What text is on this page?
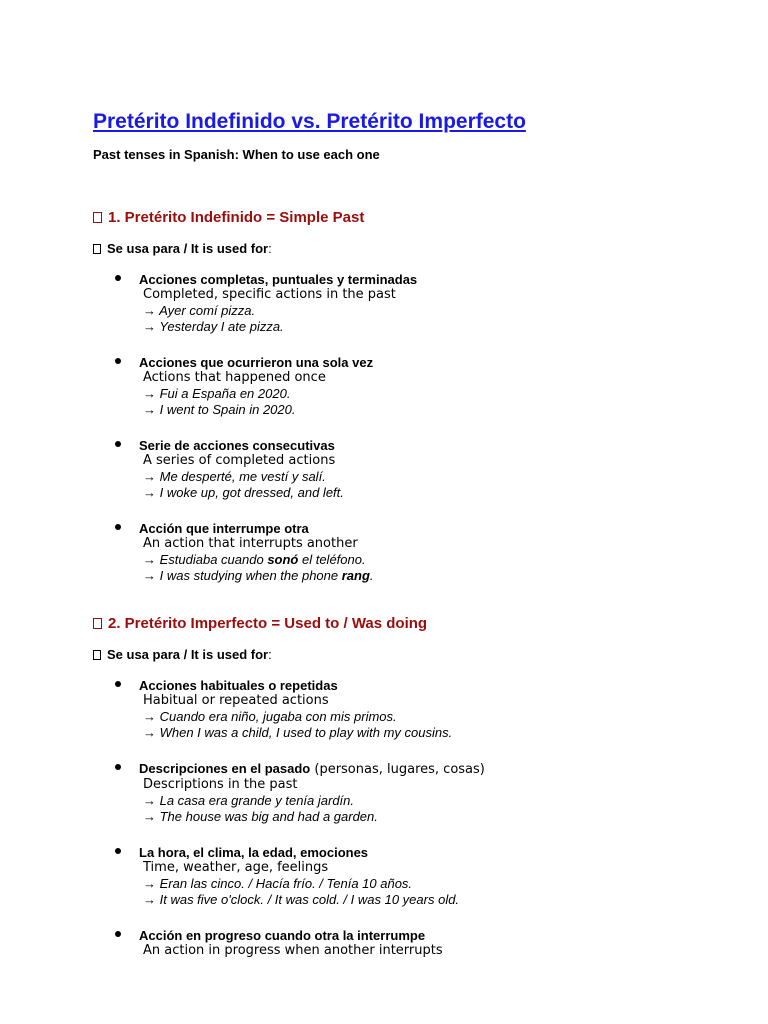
Pretérito Indefinido vs. Pretérito Imperfecto

Past tenses in Spanish: When to use each one

1. Pretérito Indefinido = Simple Past

Se usa para / It is used for:

Acciones completas, puntuales y terminadas
Completed, specific actions in the past
→ Ayer comí pizza.
→ Yesterday I ate pizza.
Acciones que ocurrieron una sola vez
Actions that happened once
→ Fui a España en 2020.
→ I went to Spain in 2020.
Serie de acciones consecutivas
A series of completed actions
→ Me desperté, me vestí y salí.
→ I woke up, got dressed, and left.
Acción que interrumpe otra
An action that interrupts another
→ Estudiaba cuando sonó el teléfono.
→ I was studying when the phone rang.
2. Pretérito Imperfecto = Used to / Was doing

Se usa para / It is used for:

Acciones habituales o repetidas
Habitual or repeated actions
→ Cuando era niño, jugaba con mis primos.
→ When I was a child, I used to play with my cousins.
Descripciones en el pasado (personas, lugares, cosas)
Descriptions in the past
→ La casa era grande y tenía jardín.
→ The house was big and had a garden.
La hora, el clima, la edad, emociones
Time, weather, age, feelings
→ Eran las cinco. / Hacía frío. / Tenía 10 años.
→ It was five o'clock. / It was cold. / I was 10 years old.
Acción en progreso cuando otra la interrumpe
An action in progress when another interrupts
